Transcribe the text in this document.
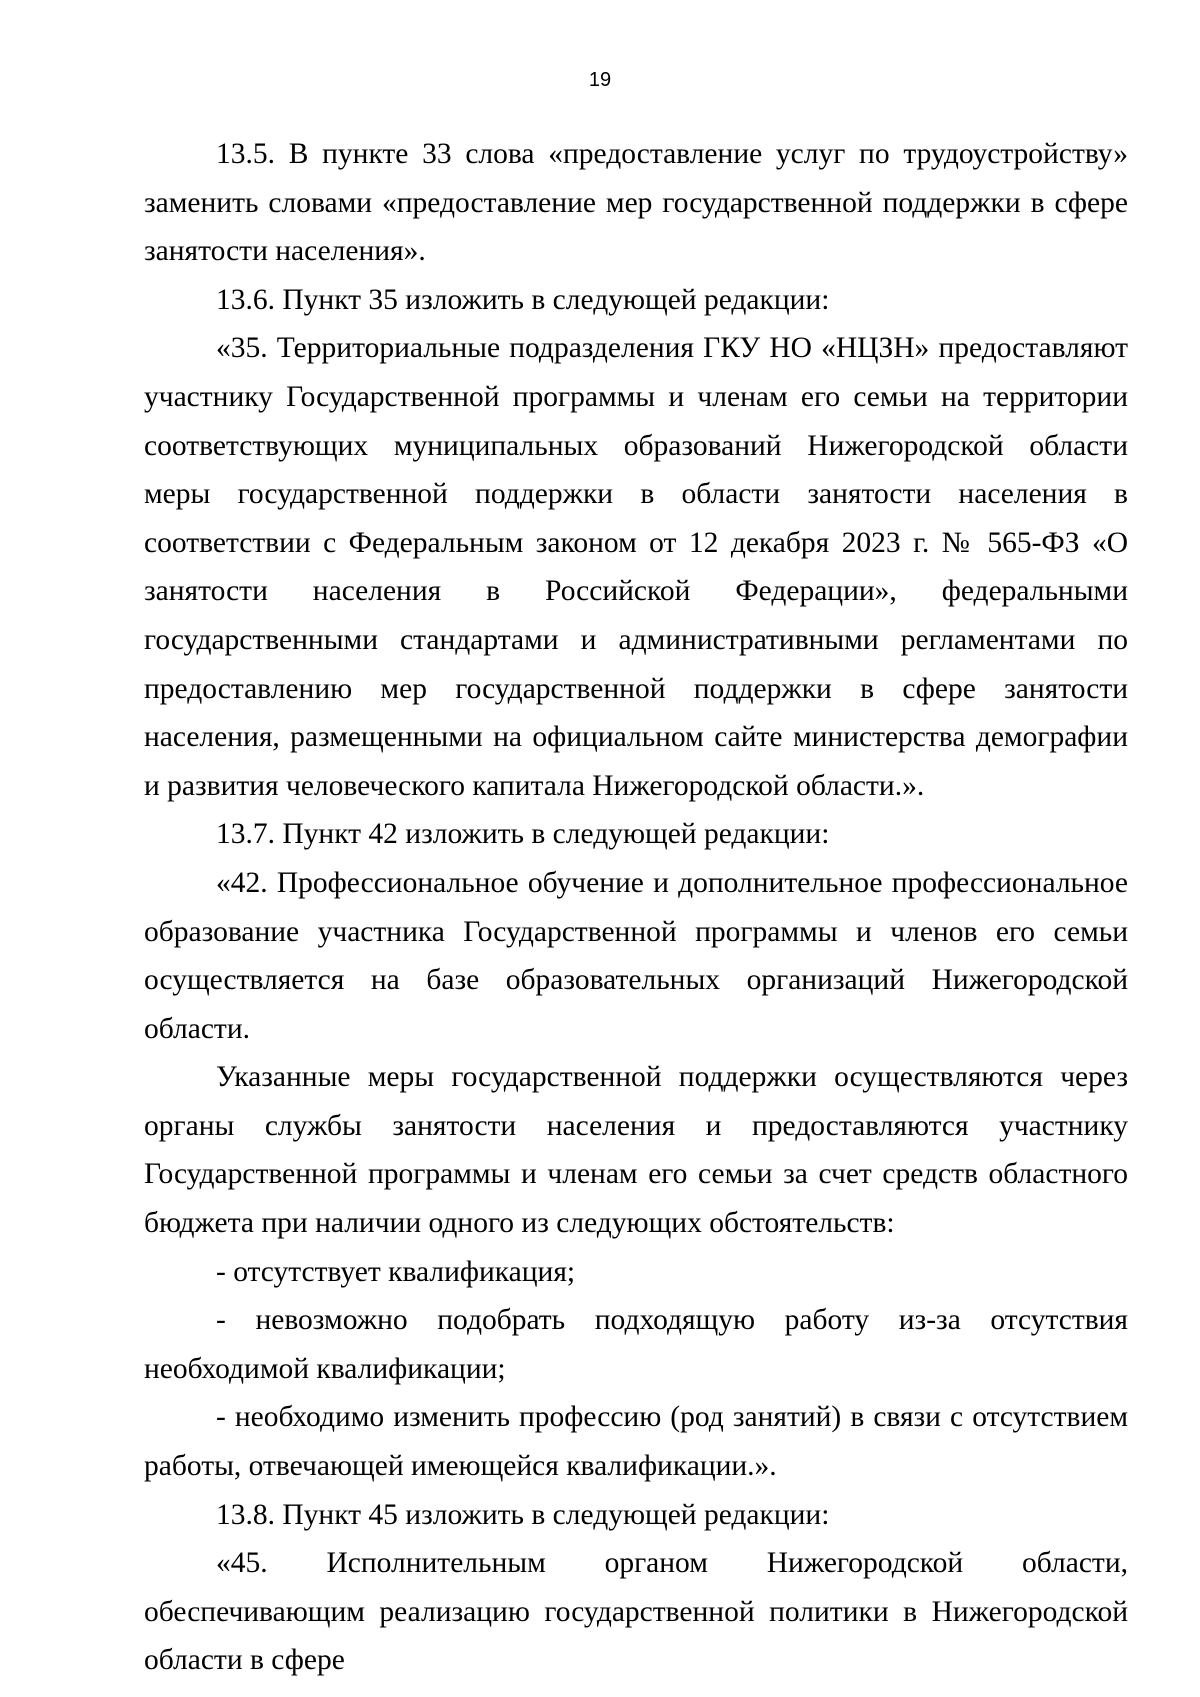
19

13.5. В пункте 33 слова «предоставление услуг по трудоустройству» заменить словами «предоставление мер государственной поддержки в сфере занятости населения».

13.6. Пункт 35 изложить в следующей редакции:

«35. Территориальные подразделения ГКУ НО «НЦЗН» предоставляют участнику Государственной программы и членам его семьи на территории соответствующих муниципальных образований Нижегородской области меры государственной поддержки в области занятости населения в соответствии с Федеральным законом от 12 декабря 2023 г. № 565-ФЗ «О занятости населения в Российской Федерации», федеральными государственными стандартами и административными регламентами по предоставлению мер государственной поддержки в сфере занятости населения, размещенными на официальном сайте министерства демографии и развития человеческого капитала Нижегородской области.».

13.7. Пункт 42 изложить в следующей редакции:

«42. Профессиональное обучение и дополнительное профессиональное образование участника Государственной программы и членов его семьи осуществляется на базе образовательных организаций Нижегородской области.

Указанные меры государственной поддержки осуществляются через органы службы занятости населения и предоставляются участнику Государственной программы и членам его семьи за счет средств областного бюджета при наличии одного из следующих обстоятельств:

- отсутствует квалификация;

- невозможно подобрать подходящую работу из-за отсутствия необходимой квалификации;

- необходимо изменить профессию (род занятий) в связи с отсутствием работы, отвечающей имеющейся квалификации.».

13.8. Пункт 45 изложить в следующей редакции:

«45. Исполнительным органом Нижегородской области, обеспечивающим реализацию государственной политики в Нижегородской области в сфере
